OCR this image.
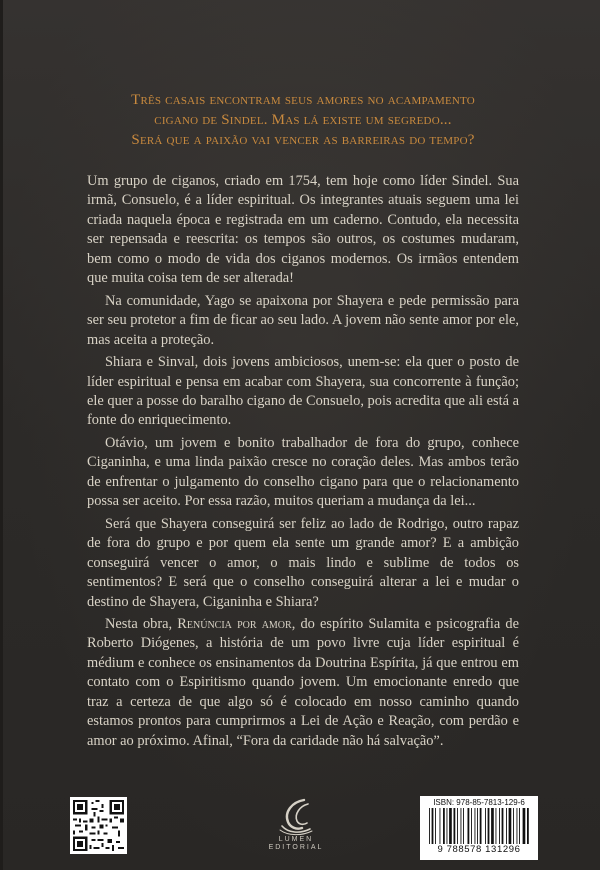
Três casais encontram seus amores no acampamento
cigano de Sindel. Mas lá existe um segredo...
Será que a paixão vai vencer as barreiras do tempo?

Um grupo de ciganos, criado em 1754, tem hoje como líder Sindel. Sua irmã, Consuelo, é a líder espiritual. Os integrantes atuais seguem uma lei criada naquela época e registrada em um caderno. Contudo, ela necessita ser repensada e reescrita: os tempos são outros, os costumes mudaram, bem como o modo de vida dos ciganos modernos. Os irmãos entendem que muita coisa tem de ser alterada!

Na comunidade, Yago se apaixona por Shayera e pede permissão para ser seu protetor a fim de ficar ao seu lado. A jovem não sente amor por ele, mas aceita a proteção.

Shiara e Sinval, dois jovens ambiciosos, unem-se: ela quer o posto de líder espiritual e pensa em acabar com Shayera, sua concorrente à função; ele quer a posse do baralho cigano de Consuelo, pois acredita que ali está a fonte do enriquecimento.

Otávio, um jovem e bonito trabalhador de fora do grupo, conhece Ciganinha, e uma linda paixão cresce no coração deles. Mas ambos terão de enfrentar o julgamento do conselho cigano para que o relacionamento possa ser aceito. Por essa razão, muitos queriam a mudança da lei...

Será que Shayera conseguirá ser feliz ao lado de Rodrigo, outro rapaz de fora do grupo e por quem ela sente um grande amor? E a ambição conseguirá vencer o amor, o mais lindo e sublime de todos os sentimentos? E será que o conselho conseguirá alterar a lei e mudar o destino de Shayera, Ciganinha e Shiara?

Nesta obra, Renúncia por amor, do espírito Sulamita e psicografia de Roberto Diógenes, a história de um povo livre cuja líder espiritual é médium e conhece os ensinamentos da Doutrina Espírita, já que entrou em contato com o Espiritismo quando jovem. Um emocionante enredo que traz a certeza de que algo só é colocado em nosso caminho quando estamos prontos para cumprirmos a Lei de Ação e Reação, com perdão e amor ao próximo. Afinal, “Fora da caridade não há salvação”.

LUMEN
EDITORIAL
ISBN: 978-85-7813-129-6
9 788578 131296
